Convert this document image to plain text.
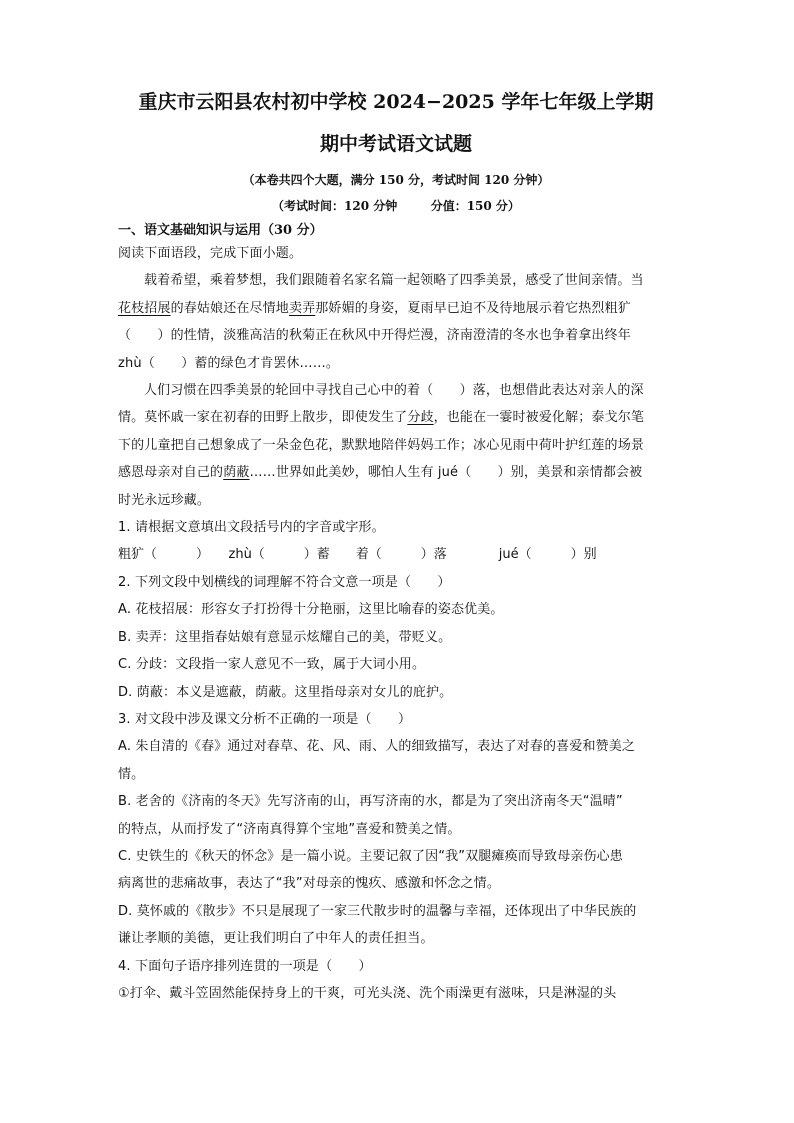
重庆市云阳县农村初中学校 2024−2025 学年七年级上学期
期中考试语文试题

（本卷共四个大题，满分 150 分，考试时间 120 分钟）

（考试时间：120 分钟        分值：150 分）

一、语文基础知识与运用（30 分）
阅读下面语段，完成下面小题。
载着希望，乘着梦想，我们跟随着名家名篇一起领略了四季美景，感受了世间亲情。当
花枝招展的春姑娘还在尽情地卖弄那娇媚的身姿，夏雨早已迫不及待地展示着它热烈粗犷
（　　）的性情，淡雅高洁的秋菊正在秋风中开得烂漫，济南澄清的冬水也争着拿出终年
zhù（　　）蓄的绿色才肯罢休……。
人们习惯在四季美景的轮回中寻找自己心中的着（　　）落，也想借此表达对亲人的深
情。莫怀戚一家在初春的田野上散步，即使发生了分歧，也能在一霎时被爱化解；泰戈尔笔
下的儿童把自己想象成了一朵金色花，默默地陪伴妈妈工作；冰心见雨中荷叶护红莲的场景
感恩母亲对自己的荫蔽……世界如此美妙，哪怕人生有 jué（　　）别，美景和亲情都会被
时光永远珍藏。
1. 请根据文意填出文段括号内的字音或字形。
粗犷（　　　）　　zhù（　　　）蓄　　着（　　　）落　　　　jué（　　　）别
2. 下列文段中划横线的词理解不符合文意一项是（　　）
A. 花枝招展：形容女子打扮得十分艳丽，这里比喻春的姿态优美。
B. 卖弄：这里指春姑娘有意显示炫耀自己的美，带贬义。
C. 分歧：文段指一家人意见不一致，属于大词小用。
D. 荫蔽：本义是遮蔽，荫蔽。这里指母亲对女儿的庇护。
3. 对文段中涉及课文分析不正确的一项是（　　）
A. 朱自清的《春》通过对春草、花、风、雨、人的细致描写，表达了对春的喜爱和赞美之
情。
B. 老舍的《济南的冬天》先写济南的山，再写济南的水，都是为了突出济南冬天“温晴”
的特点，从而抒发了“济南真得算个宝地”喜爱和赞美之情。
C. 史铁生的《秋天的怀念》是一篇小说。主要记叙了因“我”双腿瘫痪而导致母亲伤心患
病离世的悲痛故事，表达了“我”对母亲的愧疚、感激和怀念之情。
D. 莫怀戚的《散步》不只是展现了一家三代散步时的温馨与幸福，还体现出了中华民族的
谦让孝顺的美德，更让我们明白了中年人的责任担当。
4. 下面句子语序排列连贯的一项是（　　）
①打伞、戴斗笠固然能保持身上的干爽，可光头浇、洗个雨澡更有滋味，只是淋湿的头
